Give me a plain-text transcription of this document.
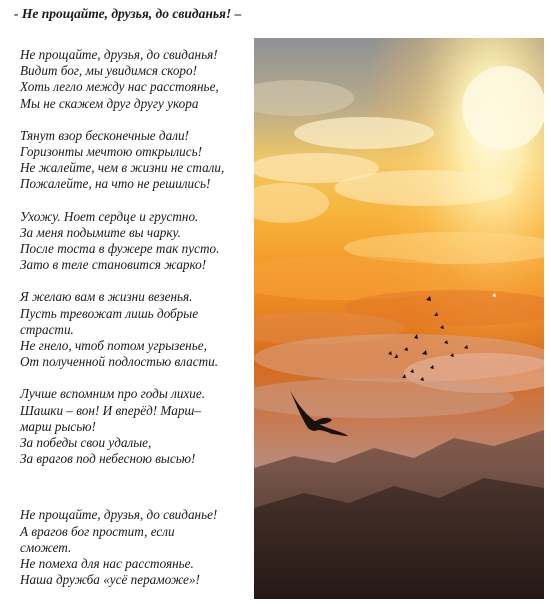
- Не прощайте, друзья, до свиданья! –
Не прощайте, друзья, до свиданья!
Видит бог, мы увидимся скоро!
Хоть легло между нас расстоянье,
Мы не скажем друг другу укора
Тянут взор бесконечные дали!
Горизонты мечтою открылись!
Не жалейте, чем в жизни не стали,
Пожалейте, на что не решились!
Ухожу. Ноет сердце и грустно.
За меня подымите вы чарку.
После тоста в фужере так пусто.
Зато в теле становится жарко!
Я желаю вам в жизни везенья.
Пусть тревожат лишь добрые
страсти.
Не гнело, чтоб потом угрызенье,
От полученной подлостью власти.
Лучше вспомним про годы лихие.
Шашки – вон! И вперёд! Марш–
марш рысью!
За победы свои удалые,
За врагов под небесною высью!
Не прощайте, друзья, до свиданье!
А врагов бог простит, если
сможет.
Не помеха для нас расстояньe.
Наша дружба «усё пераможе»!
